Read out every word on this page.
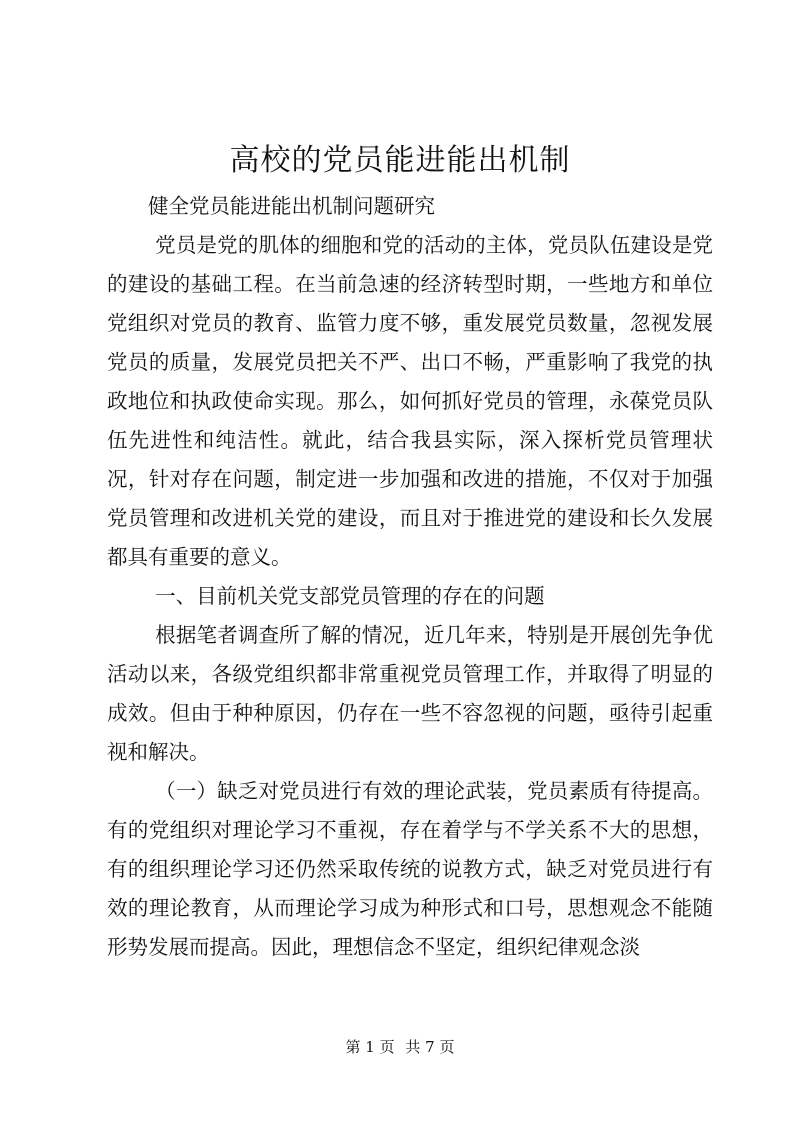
高校的党员能进能出机制

健全党员能进能出机制问题研究

党员是党的肌体的细胞和党的活动的主体，党员队伍建设是党的建设的基础工程。在当前急速的经济转型时期，一些地方和单位党组织对党员的教育、监管力度不够，重发展党员数量，忽视发展党员的质量，发展党员把关不严、出口不畅，严重影响了我党的执政地位和执政使命实现。那么，如何抓好党员的管理，永葆党员队伍先进性和纯洁性。就此，结合我县实际，深入探析党员管理状况，针对存在问题，制定进一步加强和改进的措施，不仅对于加强党员管理和改进机关党的建设，而且对于推进党的建设和长久发展都具有重要的意义。

一、目前机关党支部党员管理的存在的问题

根据笔者调查所了解的情况，近几年来，特别是开展创先争优活动以来，各级党组织都非常重视党员管理工作，并取得了明显的成效。但由于种种原因，仍存在一些不容忽视的问题，亟待引起重视和解决。

（一）缺乏对党员进行有效的理论武装，党员素质有待提高。有的党组织对理论学习不重视，存在着学与不学关系不大的思想，有的组织理论学习还仍然采取传统的说教方式，缺乏对党员进行有效的理论教育，从而理论学习成为种形式和口号，思想观念不能随形势发展而提高。因此，理想信念不坚定，组织纪律观念淡

第 1 页 共 7 页
